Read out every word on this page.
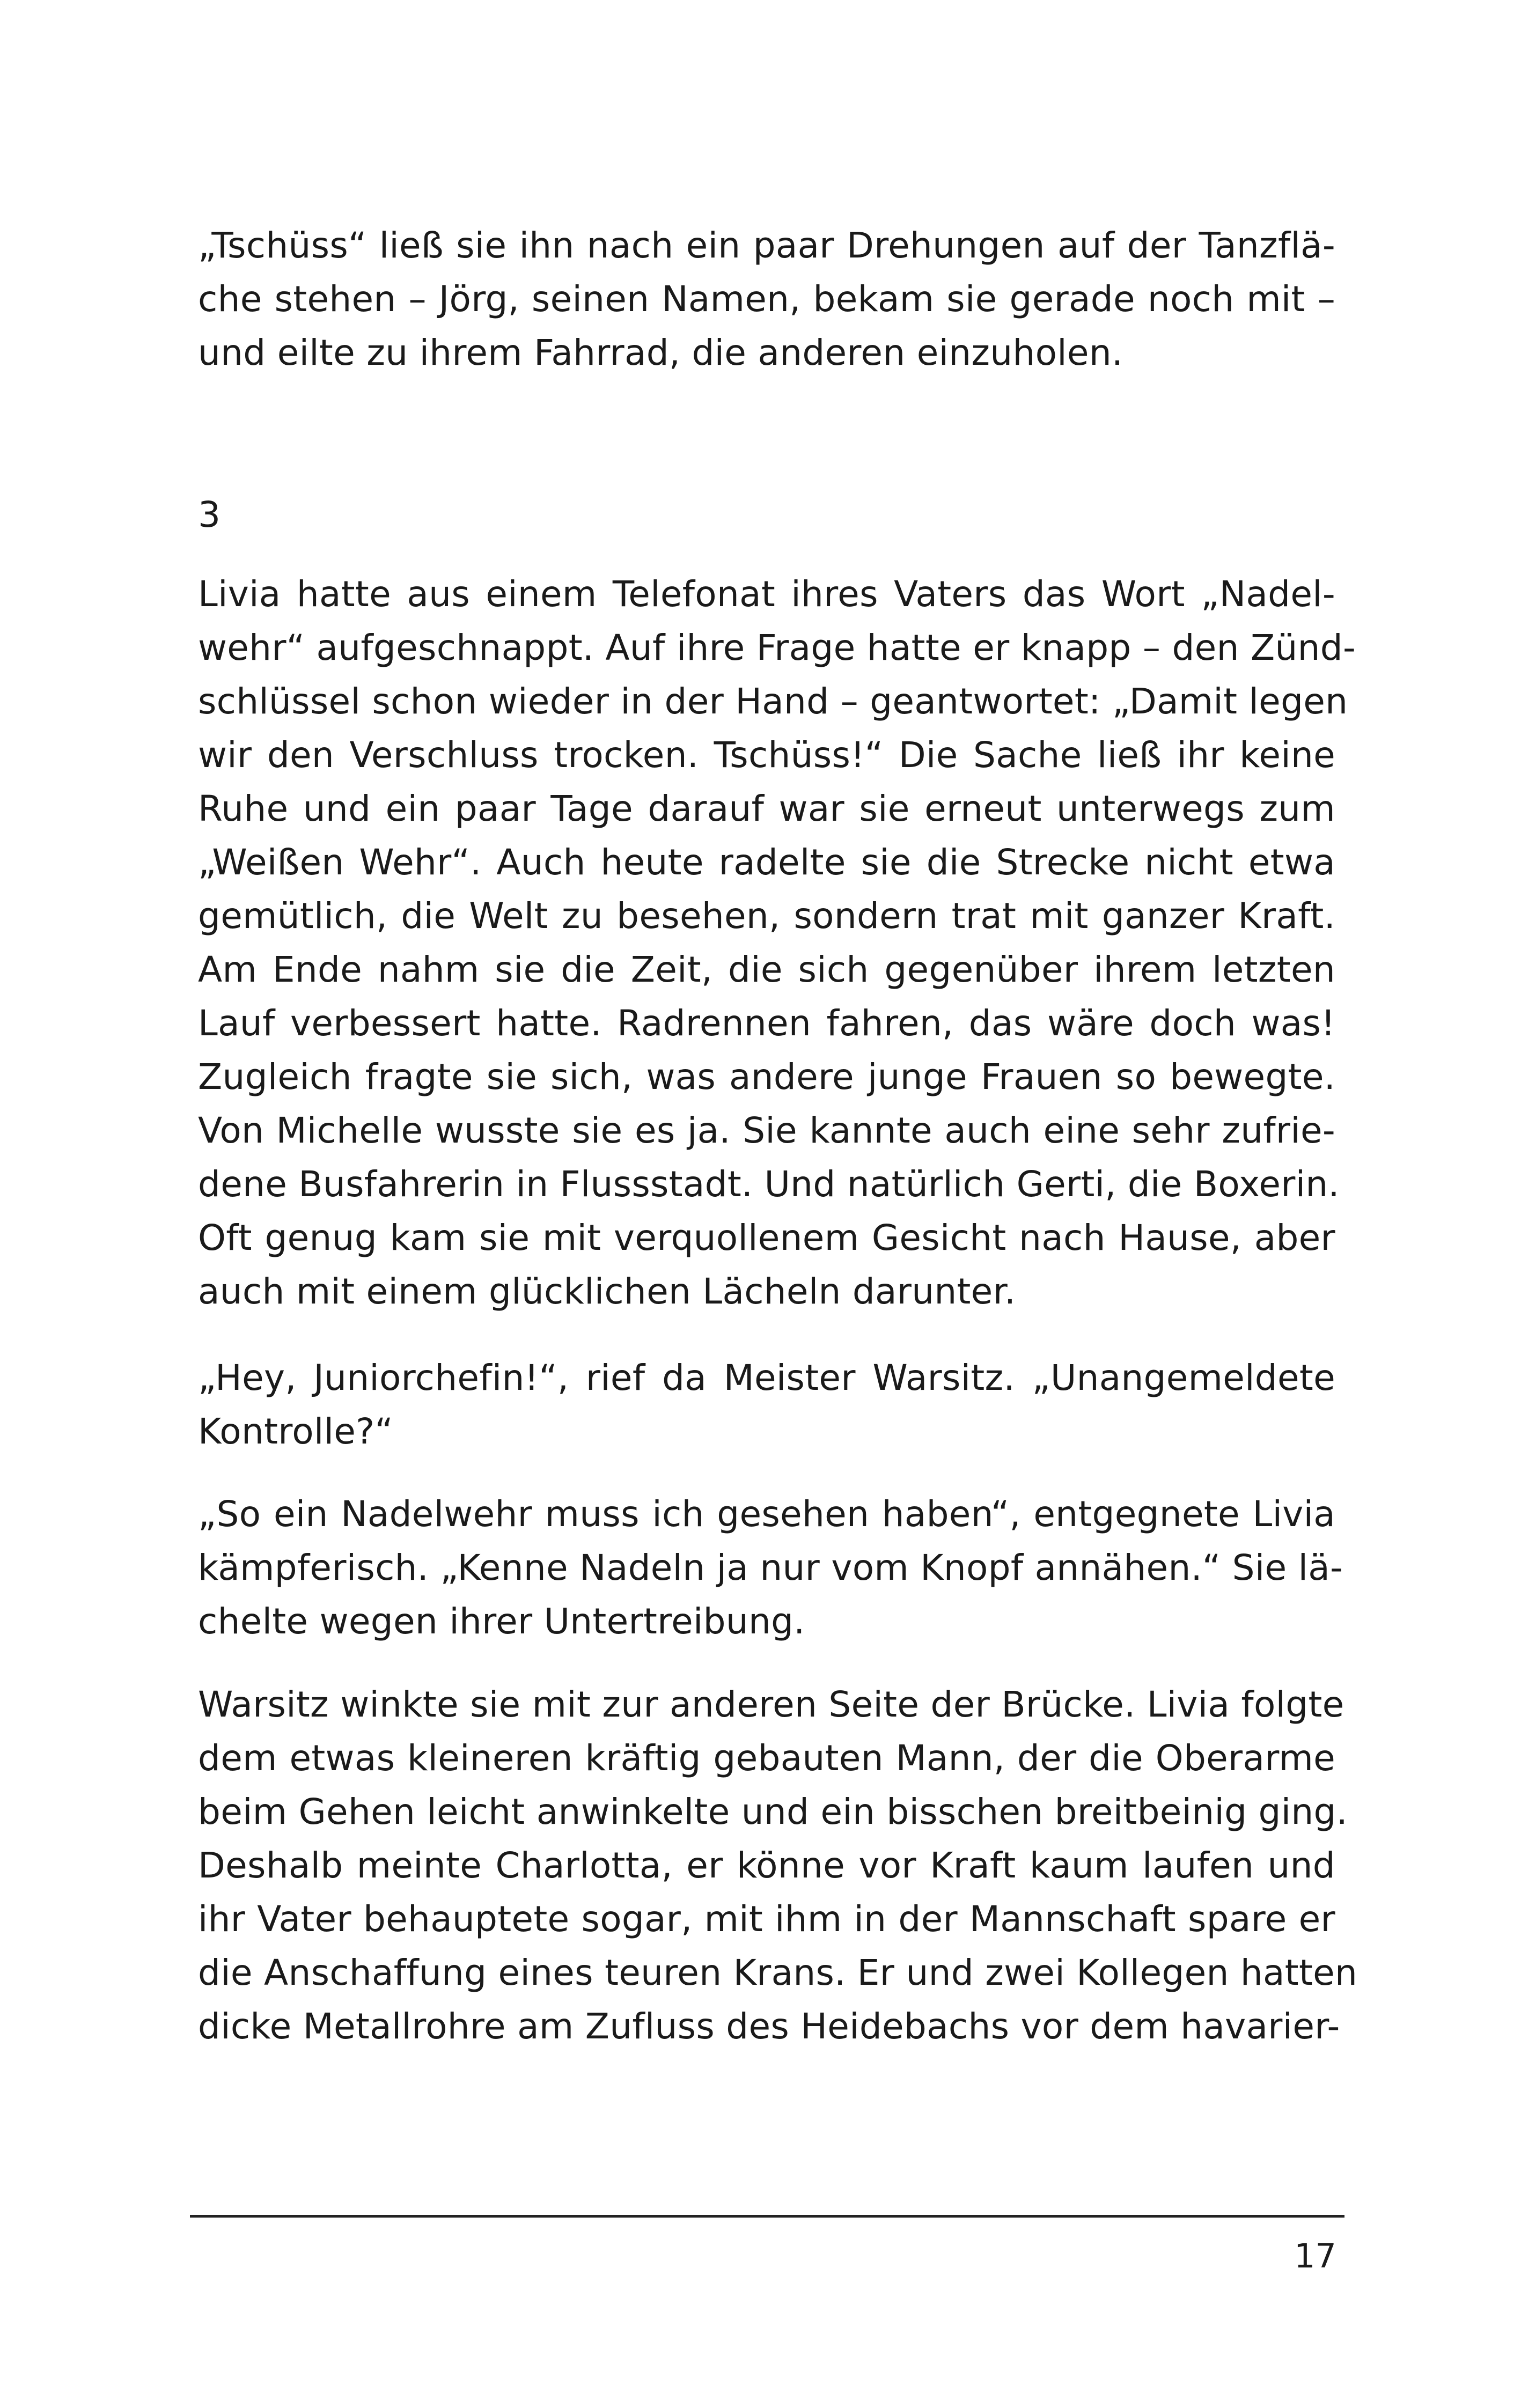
„Tschüss“ ließ sie ihn nach ein paar Drehungen auf der Tanzflä-
che stehen – Jörg, seinen Namen, bekam sie gerade noch mit –
und eilte zu ihrem Fahrrad, die anderen einzuholen.
3
Livia hatte aus einem Telefonat ihres Vaters das Wort „Nadel-
wehr“ aufgeschnappt. Auf ihre Frage hatte er knapp – den Zünd-
schlüssel schon wieder in der Hand – geantwortet: „Damit legen
wir den Verschluss trocken. Tschüss!“ Die Sache ließ ihr keine
Ruhe und ein paar Tage darauf war sie erneut unterwegs zum
„Weißen Wehr“. Auch heute radelte sie die Strecke nicht etwa
gemütlich, die Welt zu besehen, sondern trat mit ganzer Kraft.
Am Ende nahm sie die Zeit, die sich gegenüber ihrem letzten
Lauf verbessert hatte. Radrennen fahren, das wäre doch was!
Zugleich fragte sie sich, was andere junge Frauen so bewegte.
Von Michelle wusste sie es ja. Sie kannte auch eine sehr zufrie-
dene Busfahrerin in Flussstadt. Und natürlich Gerti, die Boxerin.
Oft genug kam sie mit verquollenem Gesicht nach Hause, aber
auch mit einem glücklichen Lächeln darunter.
„Hey, Juniorchefin!“, rief da Meister Warsitz. „Unangemeldete
Kontrolle?“
„So ein Nadelwehr muss ich gesehen haben“, entgegnete Livia
kämpferisch. „Kenne Nadeln ja nur vom Knopf annähen.“ Sie lä-
chelte wegen ihrer Untertreibung.
Warsitz winkte sie mit zur anderen Seite der Brücke. Livia folgte
dem etwas kleineren kräftig gebauten Mann, der die Oberarme
beim Gehen leicht anwinkelte und ein bisschen breitbeinig ging.
Deshalb meinte Charlotta, er könne vor Kraft kaum laufen und
ihr Vater behauptete sogar, mit ihm in der Mannschaft spare er
die Anschaffung eines teuren Krans. Er und zwei Kollegen hatten
dicke Metallrohre am Zufluss des Heidebachs vor dem havarier-
17
